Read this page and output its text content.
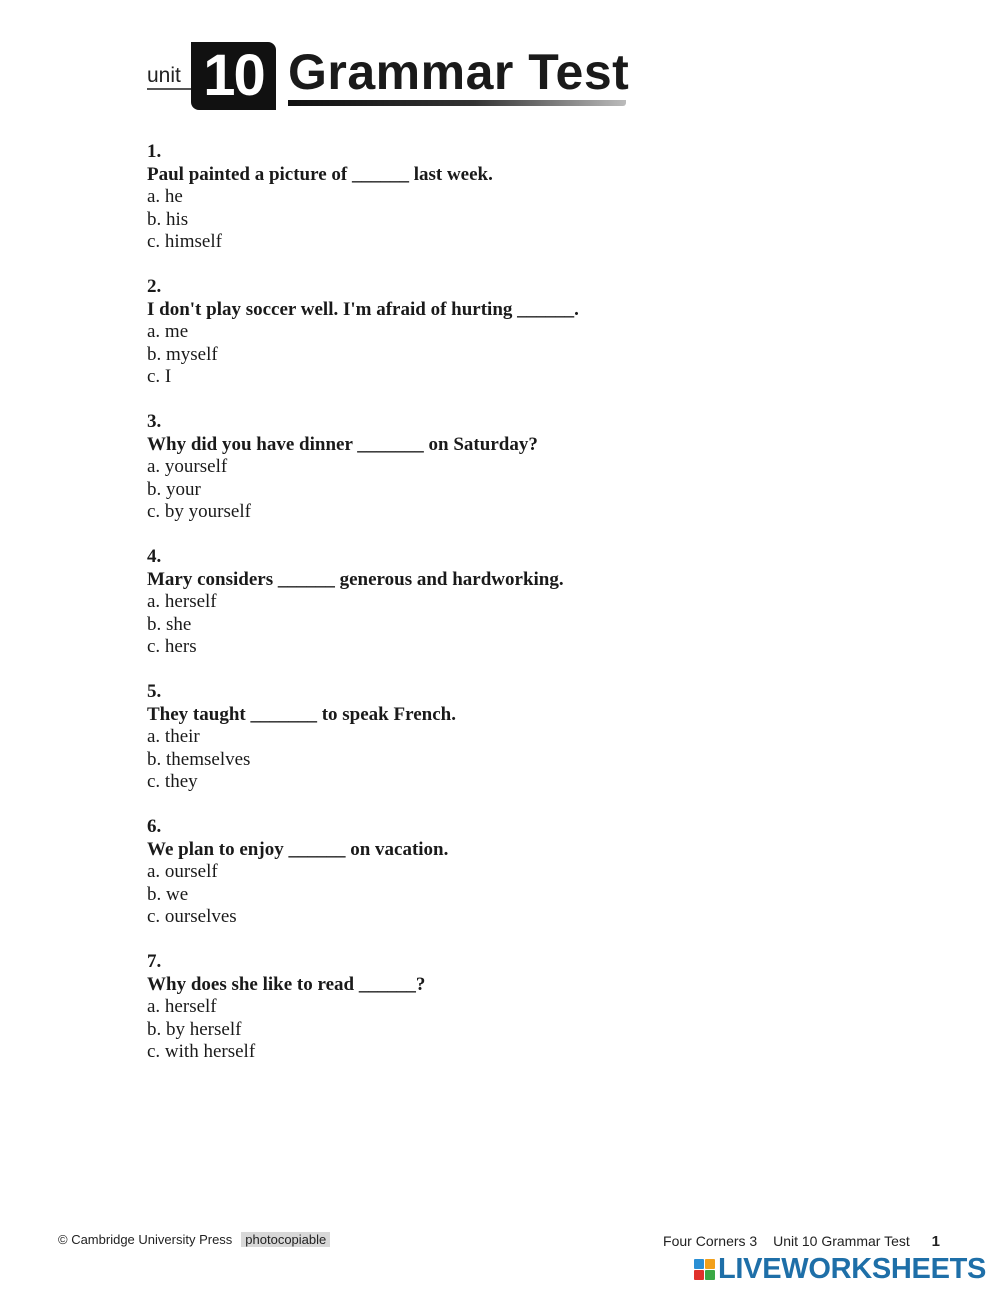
unit 10 Grammar Test
1.
Paul painted a picture of ______ last week.
a. he
b. his
c. himself
2.
I don't play soccer well. I'm afraid of hurting ______.
a. me
b. myself
c. I
3.
Why did you have dinner _______ on Saturday?
a. yourself
b. your
c. by yourself
4.
Mary considers ______ generous and hardworking.
a. herself
b. she
c. hers
5.
They taught _______ to speak French.
a. their
b. themselves
c. they
6.
We plan to enjoy ______ on vacation.
a. ourself
b. we
c. ourselves
7.
Why does she like to read ______?
a. herself
b. by herself
c. with herself
© Cambridge University Press photocopiable	Four Corners 3 Unit 10 Grammar Test 1
LIVEWORKSHEETS
